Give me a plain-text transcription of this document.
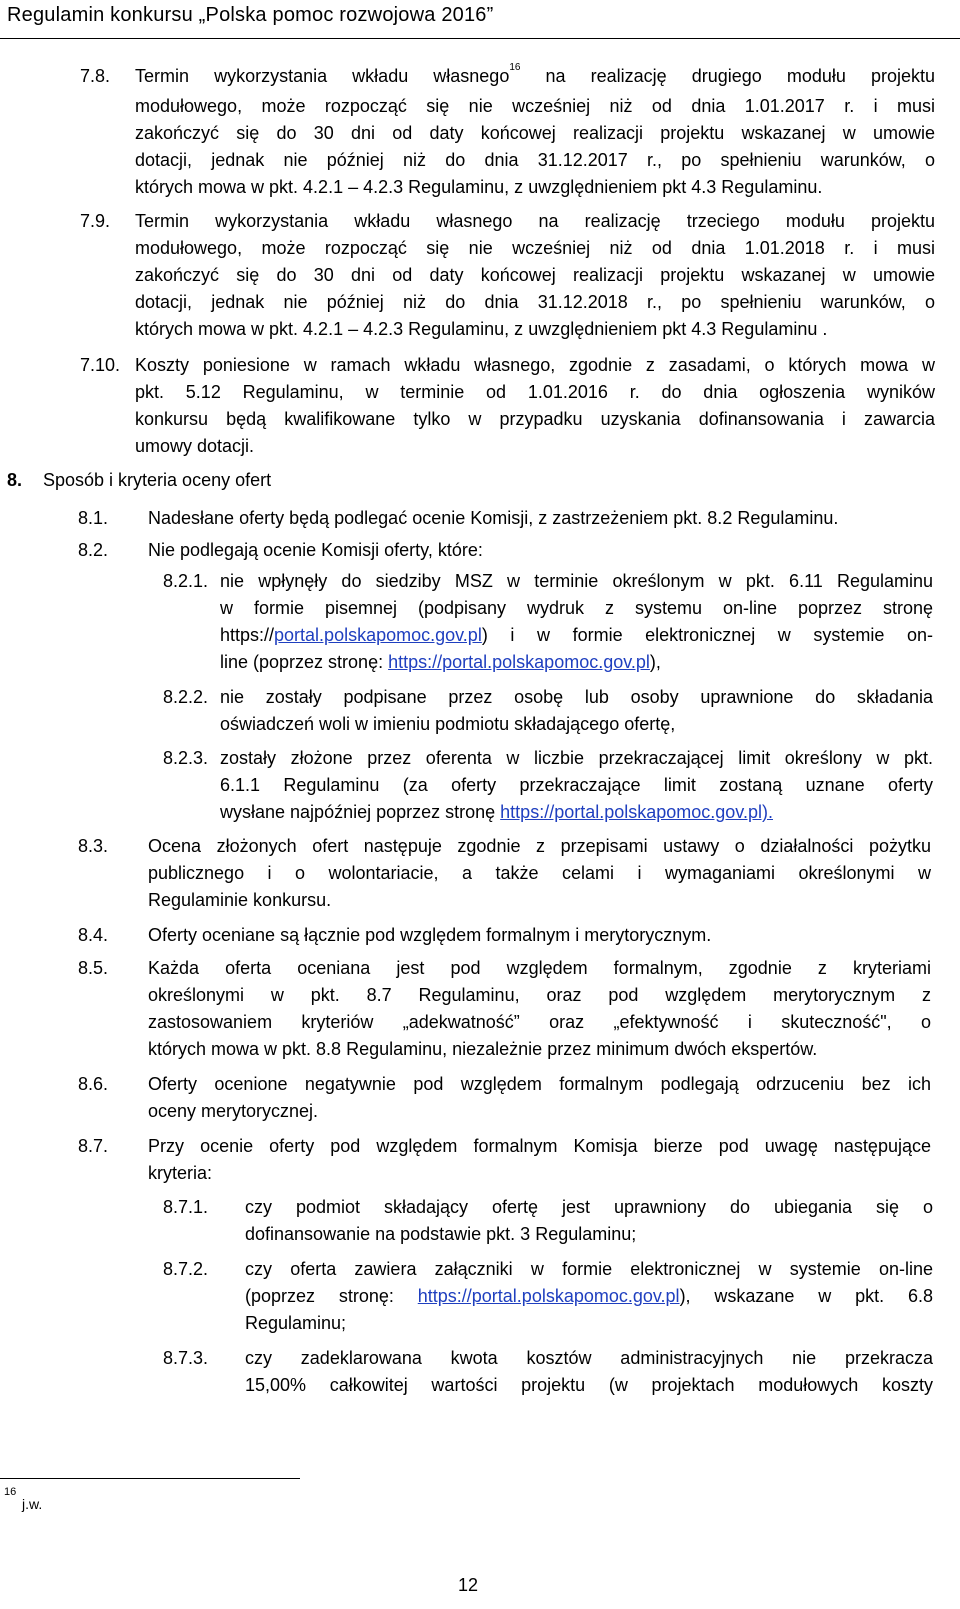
Regulamin konkursu „Polska pomoc rozwojowa 2016”
7.8. Termin wykorzystania wkładu własnego$^{16}$ na realizację drugiego modułu projektu
modułowego, może rozpocząć się nie wcześniej niż od dnia 1.01.2017 r. i musi
zakończyć się do 30 dni od daty końcowej realizacji projektu wskazanej w umowie
dotacji, jednak nie później niż do dnia 31.12.2017 r., po spełnieniu warunków, o
których mowa w pkt. 4.2.1 – 4.2.3 Regulaminu, z uwzględnieniem pkt 4.3 Regulaminu.
7.9. Termin wykorzystania wkładu własnego na realizację trzeciego modułu projektu
modułowego, może rozpocząć się nie wcześniej niż od dnia 1.01.2018 r. i musi
zakończyć się do 30 dni od daty końcowej realizacji projektu wskazanej w umowie
dotacji, jednak nie później niż do dnia 31.12.2018 r., po spełnieniu warunków, o
których mowa w pkt. 4.2.1 – 4.2.3 Regulaminu, z uwzględnieniem pkt 4.3 Regulaminu .
7.10. Koszty poniesione w ramach wkładu własnego, zgodnie z zasadami, o których mowa w
pkt. 5.12 Regulaminu, w terminie od 1.01.2016 r. do dnia ogłoszenia wyników
konkursu będą kwalifikowane tylko w przypadku uzyskania dofinansowania i zawarcia
umowy dotacji.
8. Sposób i kryteria oceny ofert
8.1. Nadesłane oferty będą podlegać ocenie Komisji, z zastrzeżeniem pkt. 8.2 Regulaminu.
8.2. Nie podlegają ocenie Komisji oferty, które:
8.2.1. nie wpłynęły do siedziby MSZ w terminie określonym w pkt. 6.11 Regulaminu
w formie pisemnej (podpisany wydruk z systemu on-line poprzez stronę
https://portal.polskapomoc.gov.pl) i w formie elektronicznej w systemie on-
line (poprzez stronę: https://portal.polskapomoc.gov.pl),
8.2.2. nie zostały podpisane przez osobę lub osoby uprawnione do składania
oświadczeń woli w imieniu podmiotu składającego ofertę,
8.2.3. zostały złożone przez oferenta w liczbie przekraczającej limit określony w pkt.
6.1.1 Regulaminu (za oferty przekraczające limit zostaną uznane oferty
wysłane najpóźniej poprzez stronę https://portal.polskapomoc.gov.pl).
8.3. Ocena złożonych ofert następuje zgodnie z przepisami ustawy o działalności pożytku
publicznego i o wolontariacie, a także celami i wymaganiami określonymi w
Regulaminie konkursu.
8.4. Oferty oceniane są łącznie pod względem formalnym i merytorycznym.
8.5. Każda oferta oceniana jest pod względem formalnym, zgodnie z kryteriami
określonymi w pkt. 8.7 Regulaminu, oraz pod względem merytorycznym z
zastosowaniem kryteriów „adekwatność” oraz „efektywność i skuteczność", o
których mowa w pkt. 8.8 Regulaminu, niezależnie przez minimum dwóch ekspertów.
8.6. Oferty ocenione negatywnie pod względem formalnym podlegają odrzuceniu bez ich
oceny merytorycznej.
8.7. Przy ocenie oferty pod względem formalnym Komisja bierze pod uwagę następujące
kryteria:
8.7.1. czy podmiot składający ofertę jest uprawniony do ubiegania się o
dofinansowanie na podstawie pkt. 3 Regulaminu;
8.7.2. czy oferta zawiera załączniki w formie elektronicznej w systemie on-line
(poprzez stronę: https://portal.polskapomoc.gov.pl), wskazane w pkt. 6.8
Regulaminu;
8.7.3. czy zadeklarowana kwota kosztów administracyjnych nie przekracza
15,00% całkowitej wartości projektu (w projektach modułowych koszty
16
j.w.
12
